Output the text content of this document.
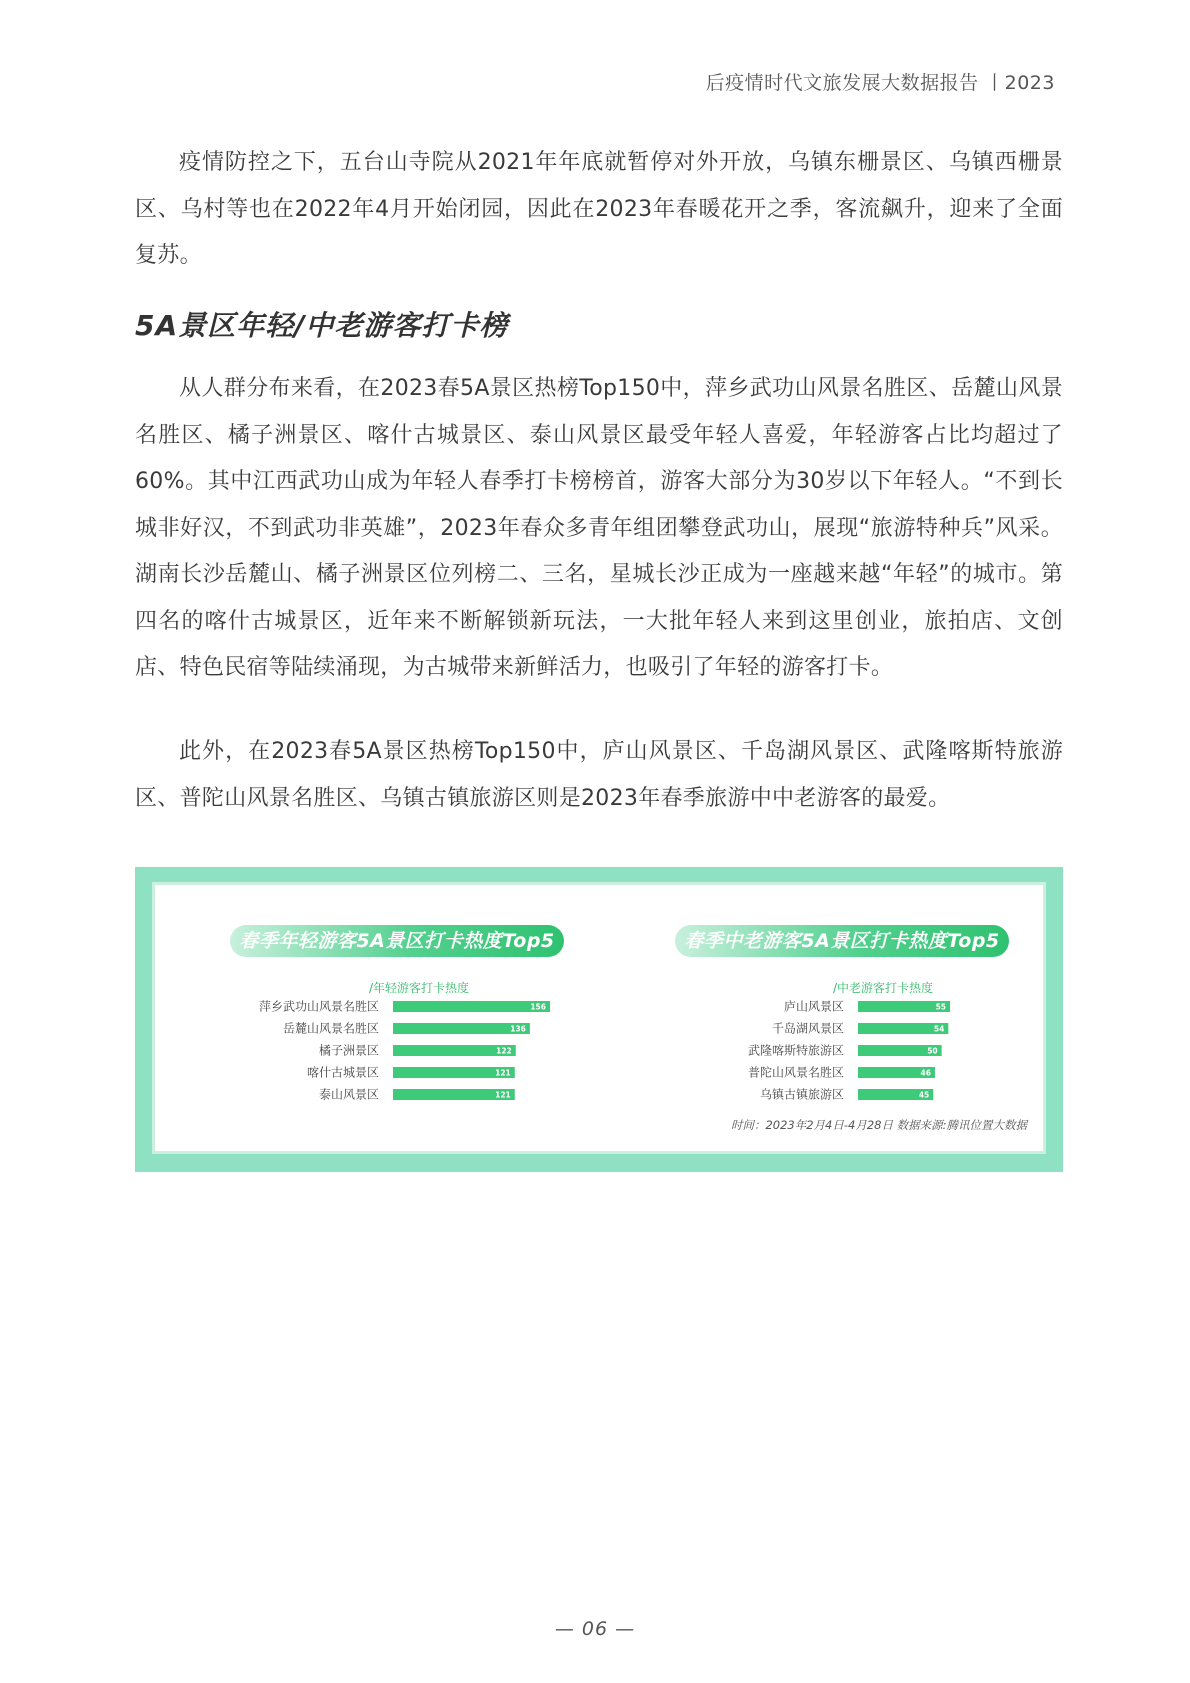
后疫情时代文旅发展大数据报告 丨2023

疫情防控之下，五台山寺院从2021年年底就暂停对外开放，乌镇东栅景区、乌镇西栅景区、乌村等也在2022年4月开始闭园，因此在2023年春暖花开之季，客流飙升，迎来了全面复苏。

5A景区年轻/中老游客打卡榜

从人群分布来看，在2023春5A景区热榜Top150中，萍乡武功山风景名胜区、岳麓山风景名胜区、橘子洲景区、喀什古城景区、泰山风景区最受年轻人喜爱，年轻游客占比均超过了60%。其中江西武功山成为年轻人春季打卡榜榜首，游客大部分为30岁以下年轻人。“不到长城非好汉，不到武功非英雄”，2023年春众多青年组团攀登武功山，展现“旅游特种兵”风采。湖南长沙岳麓山、橘子洲景区位列榜二、三名，星城长沙正成为一座越来越“年轻”的城市。第四名的喀什古城景区，近年来不断解锁新玩法，一大批年轻人来到这里创业，旅拍店、文创店、特色民宿等陆续涌现，为古城带来新鲜活力，也吸引了年轻的游客打卡。

此外，在2023春5A景区热榜Top150中，庐山风景区、千岛湖风景区、武隆喀斯特旅游区、普陀山风景名胜区、乌镇古镇旅游区则是2023年春季旅游中中老游客的最爱。

春季年轻游客5A景区打卡热度Top5
/年轻游客打卡热度
萍乡武功山风景名胜区	156
岳麓山风景名胜区	136
橘子洲景区	122
喀什古城景区	121
泰山风景区	121
春季中老游客5A景区打卡热度Top5
/中老游客打卡热度
庐山风景区	55
千岛湖风景区	54
武隆喀斯特旅游区	50
普陀山风景名胜区	46
乌镇古镇旅游区	45
时间：2023年2月4日-4月28日 数据来源:腾讯位置大数据
— 06 —
